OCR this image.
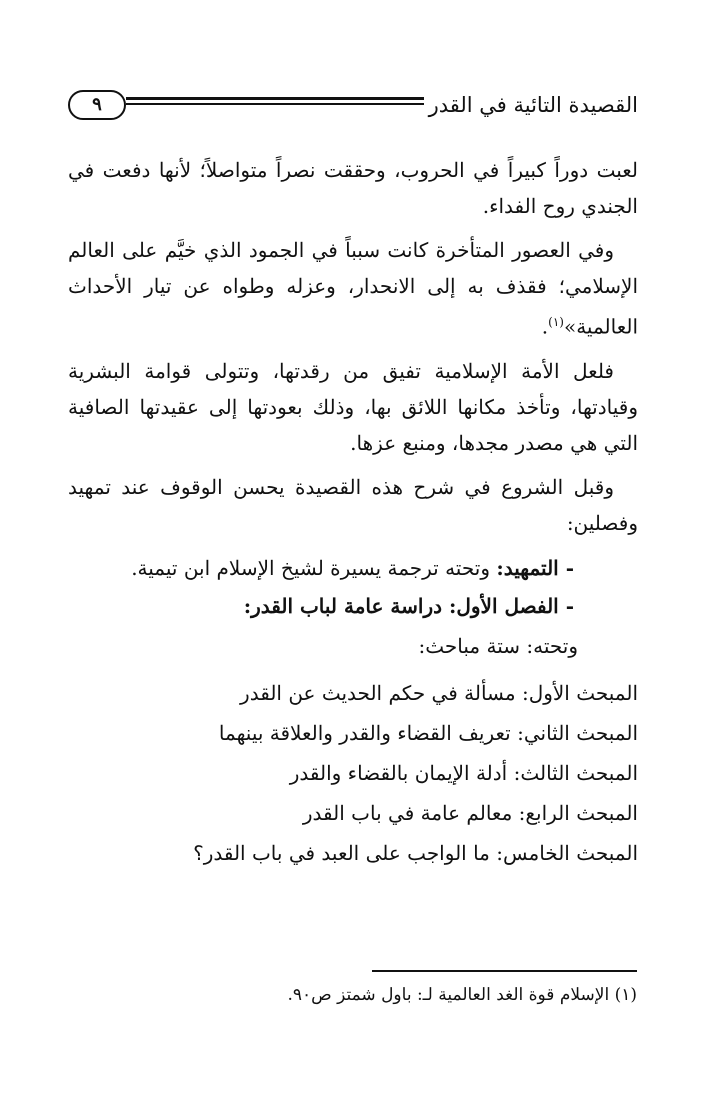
٩	القصيدة التائية في القدر

لعبت دوراً كبيراً في الحروب، وحققت نصراً متواصلاً؛ لأنها دفعت في الجندي روح الفداء.

وفي العصور المتأخرة كانت سبباً في الجمود الذي خيَّم على العالم الإسلامي؛ فقذف به إلى الانحدار، وعزله وطواه عن تيار الأحداث العالمية»$^{(١)}$.

فلعل الأمة الإسلامية تفيق من رقدتها، وتتولى قوامة البشرية وقيادتها، وتأخذ مكانها اللائق بها، وذلك بعودتها إلى عقيدتها الصافية التي هي مصدر مجدها، ومنبع عزها.

وقبل الشروع في شرح هذه القصيدة يحسن الوقوف عند تمهيد وفصلين:

- التمهيد: وتحته ترجمة يسيرة لشيخ الإسلام ابن تيمية.
- الفصل الأول: دراسة عامة لباب القدر:
وتحته: ستة مباحث:
المبحث الأول: مسألة في حكم الحديث عن القدر
المبحث الثاني: تعريف القضاء والقدر والعلاقة بينهما
المبحث الثالث: أدلة الإيمان بالقضاء والقدر
المبحث الرابع: معالم عامة في باب القدر
المبحث الخامس: ما الواجب على العبد في باب القدر؟
(١) الإسلام قوة الغد العالمية لـ: باول شمتز ص٩٠.
